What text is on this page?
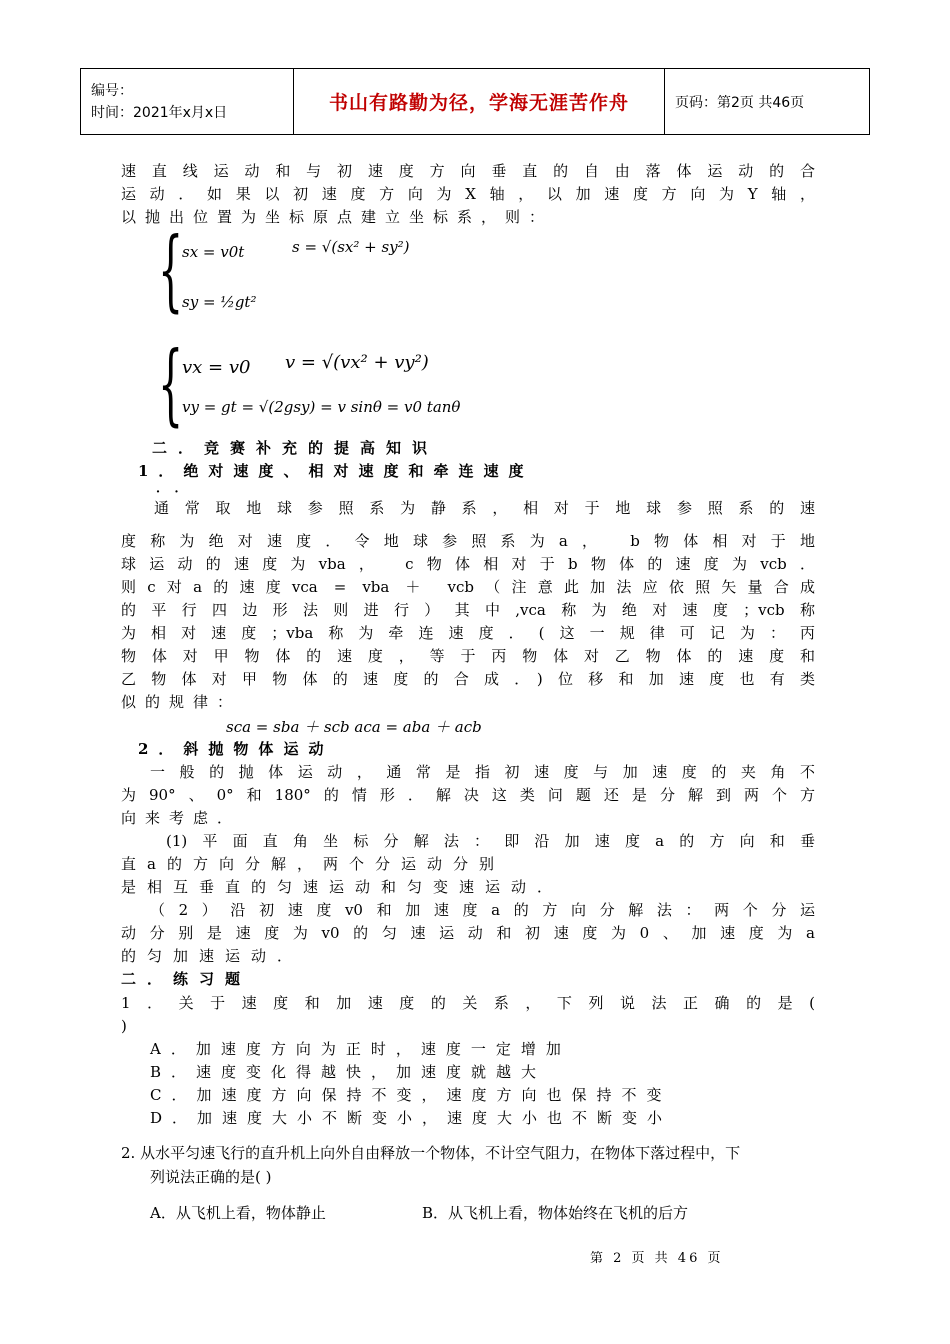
编号：
时间：2021年x月x日	书山有路勤为径，学海无涯苦作舟	页码：第2页 共46页
速直线运动和与初速度方向垂直的自由落体运动的合
运动．如果以初速度方向为X轴，以加速度方向为Y轴，
以抛出位置为坐标原点建立坐标系，则：
{
sx = v0t	s = √(sx² + sy²)
sy = ½gt²
{
vx = v0 v = √(vx² + vy²)
vy = gt = √(2gsy) = v sinθ = v0 tanθ
二．竞赛补充的提高知识
1．绝对速度、相对速度和牵连速度
．．
通常取地球参照系为静系，相对于地球参照系的速
度称为绝对速度．令地球参照系为a， b物体相对于地
球运动的速度为vba， c物体相对于b物体的速度为vcb．
则c对a的速度vca = vba ＋ vcb（注意此加法应依照矢量合成
的平行四边形法则进行）其中,vca称为绝对速度；vcb称
为相对速度；vba称为牵连速度．(这一规律可记为：丙
物体对甲物体的速度，等于丙物体对乙物体的速度和
乙物体对甲物体的速度的合成．)位移和加速度也有类
似的规律：
sca = sba ＋ scb aca = aba ＋ acb
2．斜抛物体运动
一般的抛体运动，通常是指初速度与加速度的夹角不
为90°、0°和180°的情形．解决这类问题还是分解到两个方
向来考虑．
(1)平面直角坐标分解法：即沿加速度a的方向和垂
直a的方向分解，两个分运动分别
是相互垂直的匀速运动和匀变速运动．
（2）沿初速度v0和加速度a的方向分解法：两个分运
动分别是速度为v0的匀速运动和初速度为0、加速度为a
的匀加速运动．
二．练习题
1．关于速度和加速度的关系，下列说法正确的是(
)
A．加速度方向为正时，速度一定增加
B．速度变化得越快，加速度就越大
C．加速度方向保持不变，速度方向也保持不变
D．加速度大小不断变小，速度大小也不断变小
2. 从水平匀速飞行的直升机上向外自由释放一个物体，不计空气阻力，在物体下落过程中，下
列说法正确的是( )
A．从飞机上看，物体静止	B．从飞机上看，物体始终在飞机的后方
第 2 页 共 46 页
